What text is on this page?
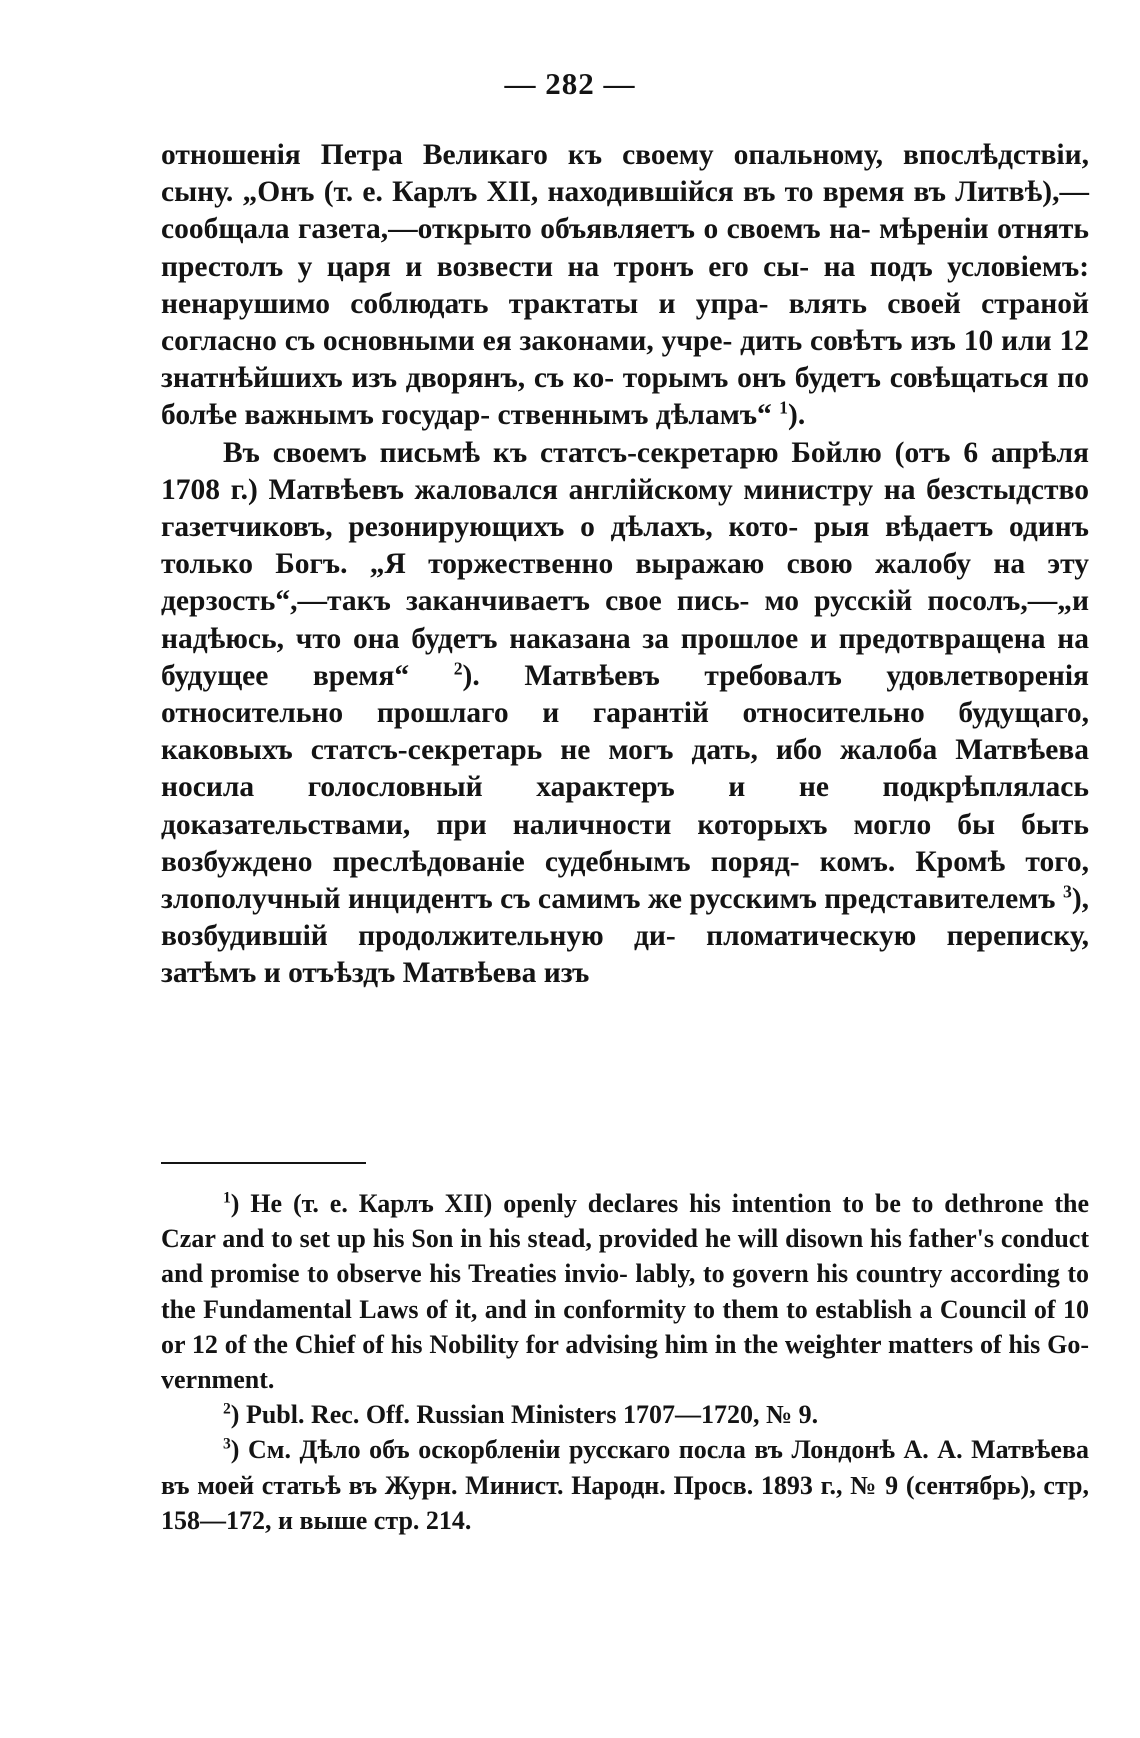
— 282 —

отношенія Петра Великаго къ своему опальному, впослѣдствіи, сыну. „Онъ (т. е. Карлъ XII, находившійся въ то время въ Литвѣ),—сообщала газета,—открыто объявляетъ о своемъ на- мѣреніи отнять престолъ у царя и возвести на тронъ его сы- на подъ условіемъ: ненарушимо соблюдать трактаты и упра- влять своей страной согласно съ основными ея законами, учре- дить совѣтъ изъ 10 или 12 знатнѣйшихъ изъ дворянъ, съ ко- торымъ онъ будетъ совѣщаться по болѣе важнымъ государ- ственнымъ дѣламъ“ $^1$).

Въ своемъ письмѣ къ статсъ-секретарю Бойлю (отъ 6 апрѣля 1708 г.) Матвѣевъ жаловался англійскому министру на безстыдство газетчиковъ, резонирующихъ о дѣлахъ, кото- рыя вѣдаетъ одинъ только Богъ. „Я торжественно выражаю свою жалобу на эту дерзость“,—такъ заканчиваетъ свое пись- мо русскій посолъ,—„и надѣюсь, что она будетъ наказана за прошлое и предотвращена на будущее время“	$^2$). Матвѣевъ требовалъ удовлетворенія относительно прошлаго и гарантій относительно будущаго, каковыхъ статсъ-секретарь не могъ дать, ибо жалоба Матвѣева носила голословный характеръ и не подкрѣплялась доказательствами, при наличности которыхъ могло бы быть возбуждено преслѣдованіе судебнымъ поряд- комъ. Кромѣ того, злополучный инцидентъ съ самимъ же русскимъ представителемъ $^3$), возбудившій продолжительную ди- пломатическую переписку, затѣмъ и отъѣздъ Матвѣева изъ

$^1$) He (т. е. Карлъ XII) openly declares his intention to be to dethrone the Czar and to set up his Son in his stead, provided he will disown his father's conduct and promise to observe his Treaties invio- lably, to govern his country according to the Fundamental Laws of it, and in conformity to them to establish a Council of 10 or 12 of the Chief of his Nobility for advising him in the weighter matters of his Go- vernment.

$^2$) Publ. Rec. Off. Russian Ministers 1707—1720, № 9.

$^3$) См. Дѣло объ оскорбленіи русскаго посла въ Лондонѣ А. А. Матвѣева въ моей статьѣ въ Журн. Минист. Народн. Просв. 1893 г., № 9 (сентябрь), стр, 158—172, и выше стр. 214.
